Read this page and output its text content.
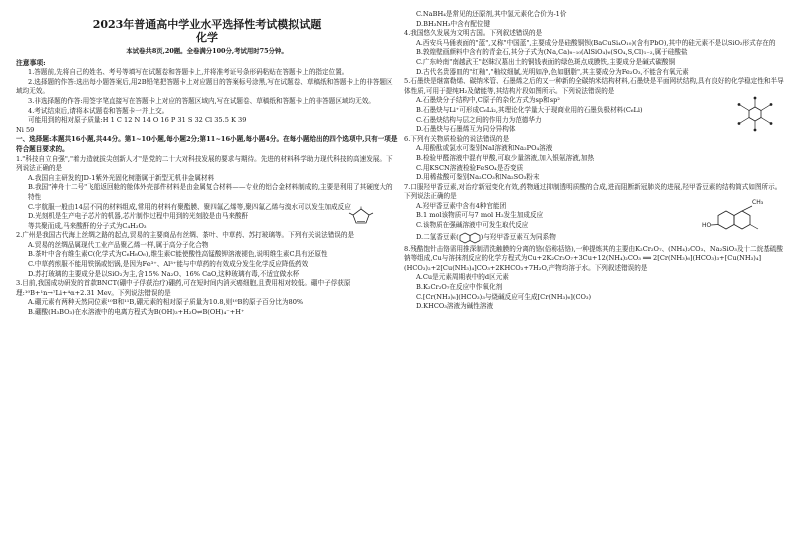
2023年普通高中学业水平选择性考试模拟试题
化学

本试卷共8页,20题。全卷满分100分,考试用时75分钟。

注意事项:

1.答题前,先将自己的姓名、考号等填写在试题卷和答题卡上,并将准考证号条形码粘贴在答题卡上的指定位置。

2.选择题的作答:选出每小题答案后,用2B铅笔把答题卡上对应题目的答案标号涂黑,写在试题卷、草稿纸和答题卡上的非答题区域均无效。

3.非选择题的作答:用签字笔直接写在答题卡上对应的答题区域内,写在试题卷、草稿纸和答题卡上的非答题区域均无效。

4.考试结束后,请将本试题卷和答题卡一并上交。

可能用到的相对原子质量:H 1 C 12 N 14 O 16 P 31 S 32 Cl 35.5 K 39

Ni 59

一、选择题:本题共16小题,共44分。第1~10小题,每小题2分;第11~16小题,每小题4分。在每小题给出的四个选项中,只有一项是符合题目要求的。

1."科技自立自强","着力造就拔尖创新人才"是党的二十大对科技发展的要求与期待。先进的材料科学助力现代科技的高速发展。下列说法正确的是

A.我国自主研发的JD-1紫外光固化树脂属于新型无机非金属材料

B.我国"神舟十二号"飞船返回舱的舱体外壳部件材料是由金属复合材料——专业的铝合金材料制成的,主要是利用了其硬度大的特性

C.宇航服一般由14层不同的材料组成,常用的材料有聚酯膜、聚四氟乙烯等,聚四氟乙烯与溴水可以发生加成反应

D.光刻机是生产电子芯片的机器,芯片制作过程中用到的光刻胶是由马来酸酐

等共聚而成,马来酸酐的分子式为C₄H₂O₃

2.广州是我国古代海上丝绸之路的起点,贸易的主要商品有丝绸、茶叶、中草药、苏打玻璃等。下列有关说法错误的是

A.贸易的丝绸品属现代工业产品聚乙烯一样,属于高分子化合物

B.茶叶中含有维生素C(化学式为C₆H₈O₆),维生素C能使酸性高锰酸钾溶液褪色,说明维生素C具有还原性

C.中草药煎服不能用铁锅或铝锅,是因为Fe³⁺、Al³⁺能与中草药的有效成分发生化学反应降低药效

D.苏打玻璃的主要成分是以SiO₂为主,含15% Na₂O、16% CaO,这种玻璃有毒,不适宜做水杯

3.目前,我国成功研发的首款BNCT(硼中子俘获治疗)硼药,可在短时间内消灭癌细胞,且费用相对较低。硼中子俘获原理:¹⁰B+¹n→⁷Li+⁴α+2.31 Mev。下列说法错误的是

A.硼元素有两种天然同位素¹⁰B和¹¹B,硼元素的相对原子质量为10.8,则¹⁰B的原子百分比为80%

B.硼酸(H₃BO₃)在水溶液中的电离方程式为B(OH)₃+H₂O⇌B(OH)₄⁻+H⁺

C.NaBH₄是常见的还原剂,其中氢元素化合价为-1价

D.BH₃NH₃中含有配位键

4.我国悠久发展为文明古国。下列叙述错误的是

A.西安兵马俑表面的"蓝",又称"中国蓝",主要成分是硅酸铜钡(BaCuSi₄O₁₀)(含有PbO),其中的硅元素不是以SiO₂形式存在的

B.敦煌壁画颜料中含有的青金石,其分子式为(Na,Ca)₈₋₁₀(AlSiO₄)₆(SO₄,S,Cl)₁₋₂,属于硅酸盐

C.广东岭南"南越武王"赵眜汉墓出土的铜钱表面的绿色斑点成膜铁,主要成分是碱式碳酸铜

D.古代名贵器皿的"红釉","釉纹细腻,光明如净,色如胭脂",其主要成分为Fe₂O₃,不能含有氧元素

5.石墨炔是继富勒烯、碳纳米管、石墨烯之后的又一种新的全碳纳米结构材料,石墨炔是平面网状结构,具有良好的化学稳定性和半导体性质,可用于提纯H₂及储能等,其结构片段如图所示。下列说法错误的是

A.石墨炔分子结构中,C原子的杂化方式为sp和sp²

B.石墨炔与Li⁺可形成C₆Li₂,其理论化学量大于现商业用的石墨负极材料(C₆Li)

C.石墨炔结构与层之间的作用力为范德华力

D.石墨炔与石墨烯互为同分异构体

6.下列有关物质检验的说法错误的是

A.用酚酞或氯水可鉴别NaI溶液和Na₂PO₄溶液

B.检验甲醛溶液中混有甲酸,可取少量溶液,加入银氨溶液,加热

C.用KSCN溶液检验FeSO₄是否变质

D.用稀盐酸可鉴别Na₂CO₃和Na₂SO₃粉末

7.口服羟甲香豆素,对治疗新冠变化有效,药物通过抑制透明质酸的合成,进而阻断新冠肺炎的进展,羟甲香豆素的结构简式如图所示。下列说法正确的是

A.羟甲香豆素中含有4种官能团

B.1 mol该物质可与7 mol H₂发生加成反应

C.该物质在强碱溶液中可发生取代反应

CH₃
HO

D.二氢香豆素(	)与羟甲香豆素互为同系物

8.残酷饱针击铬需用推深制清洗触膜的分离的铬(俗称括铬),一种提炼其的主要由K₂Cr₂O₇、(NH₄)₂CO₃、Na₂SiO₃及十二烷基硫酸钠等组成,Cu与溶抹剂反应的化学方程式为Cu+2K₂Cr₂O₇+3Cu+12(NH₄)₂CO₃ ══ 2[Cr(NH₃)₆](HCO₃)₃+[Cu(NH₃)₄](HCO₃)₂+2[Cu(NH₃)₄]CO₃+2KHCO₃+7H₂O,产物均溶于水。下列叙述错误的是

A.Cu是元素周期表中的d区元素

B.K₂Cr₂O₇在反应中作氧化剂

C.[Cr(NH₃)₆](HCO₃)₃与烧碱反应可生成[Cr(NH₃)₆](CO₃)

D.KHCO₃溶液为碱性溶液
